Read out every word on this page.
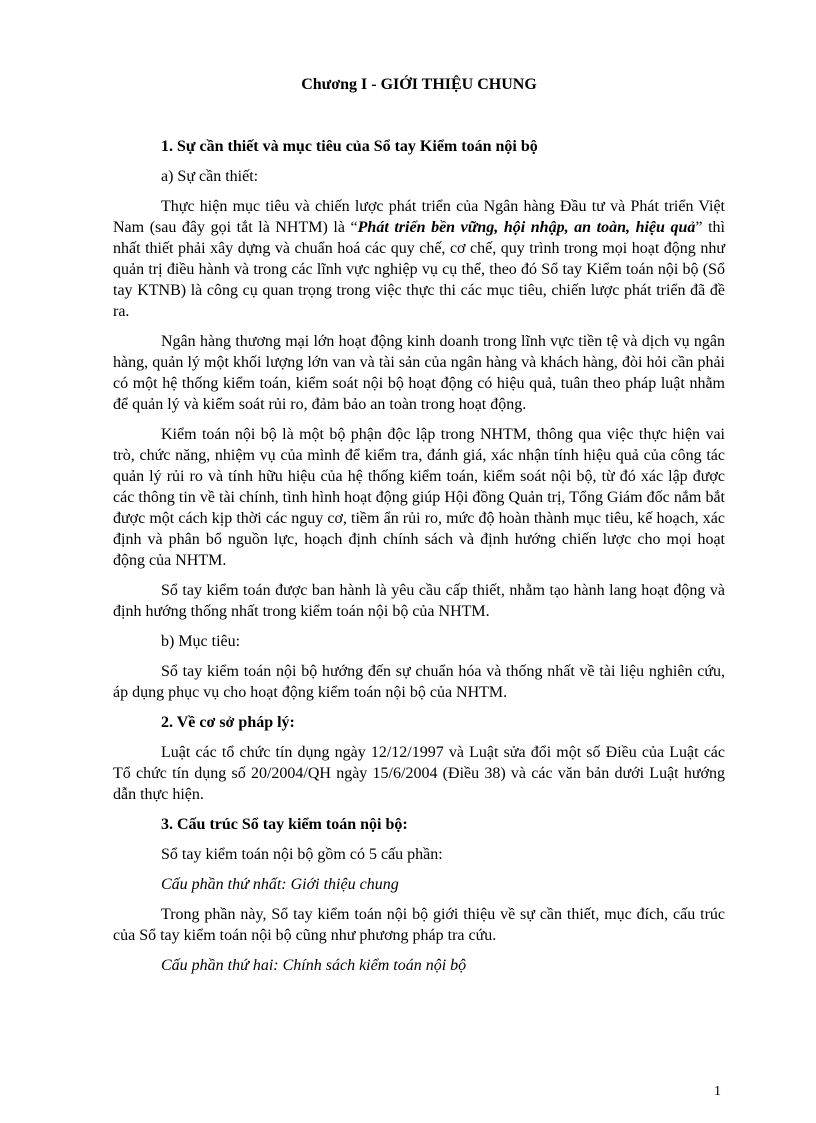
Chương I - GIỚI THIỆU CHUNG
1. Sự cần thiết và mục tiêu của Sổ tay Kiểm toán nội bộ
a) Sự cần thiết:
Thực hiện mục tiêu và chiến lược phát triển của Ngân hàng Đầu tư và Phát triển Việt Nam (sau đây gọi tắt là NHTM) là “Phát triển bền vững, hội nhập, an toàn, hiệu quả” thì nhất thiết phải xây dựng và chuẩn hoá các quy chế, cơ chế, quy trình trong mọi hoạt động như quản trị điều hành và trong các lĩnh vực nghiệp vụ cụ thể, theo đó Sổ tay Kiểm toán nội bộ (Sổ tay KTNB) là công cụ quan trọng trong việc thực thi các mục tiêu, chiến lược phát triển đã đề ra.
Ngân hàng thương mại lớn hoạt động kinh doanh trong lĩnh vực tiền tệ và dịch vụ ngân hàng, quản lý một khối lượng lớn van và tài sản của ngân hàng và khách hàng, đòi hỏi cần phải có một hệ thống kiểm toán, kiểm soát nội bộ hoạt động có hiệu quả, tuân theo pháp luật nhằm để quản lý và kiểm soát rủi ro, đảm bảo an toàn trong hoạt động.
Kiểm toán nội bộ là một bộ phận độc lập trong NHTM, thông qua việc thực hiện vai trò, chức năng, nhiệm vụ của mình để kiểm tra, đánh giá, xác nhận tính hiệu quả của công tác quản lý rủi ro và tính hữu hiệu của hệ thống kiểm toán, kiểm soát nội bộ, từ đó xác lập được các thông tin về tài chính, tình hình hoạt động giúp Hội đồng Quản trị, Tổng Giám đốc nắm bắt được một cách kịp thời các nguy cơ, tiềm ẩn rủi ro, mức độ hoàn thành mục tiêu, kế hoạch, xác định và phân bổ nguồn lực, hoạch định chính sách và định hướng chiến lược cho mọi hoạt động của NHTM.
Sổ tay kiểm toán được ban hành là yêu cầu cấp thiết, nhằm tạo hành lang hoạt động và định hướng thống nhất trong kiểm toán nội bộ của NHTM.
b) Mục tiêu:
Sổ tay kiểm toán nội bộ hướng đến sự chuẩn hóa và thống nhất về tài liệu nghiên cứu, áp dụng phục vụ cho hoạt động kiểm toán nội bộ của NHTM.
2. Về cơ sở pháp lý:
Luật các tổ chức tín dụng ngày 12/12/1997 và Luật sửa đổi một số Điều của Luật các Tổ chức tín dụng số 20/2004/QH ngày 15/6/2004 (Điều 38) và các văn bản dưới Luật hướng dẫn thực hiện.
3. Cấu trúc Sổ tay kiểm toán nội bộ:
Sổ tay kiểm toán nội bộ gồm có 5 cấu phần:
Cấu phần thứ nhất: Giới thiệu chung
Trong phần này, Sổ tay kiểm toán nội bộ giới thiệu về sự cần thiết, mục đích, cấu trúc của Sổ tay kiểm toán nội bộ cũng như phương pháp tra cứu.
Cấu phần thứ hai: Chính sách kiểm toán nội bộ
1
